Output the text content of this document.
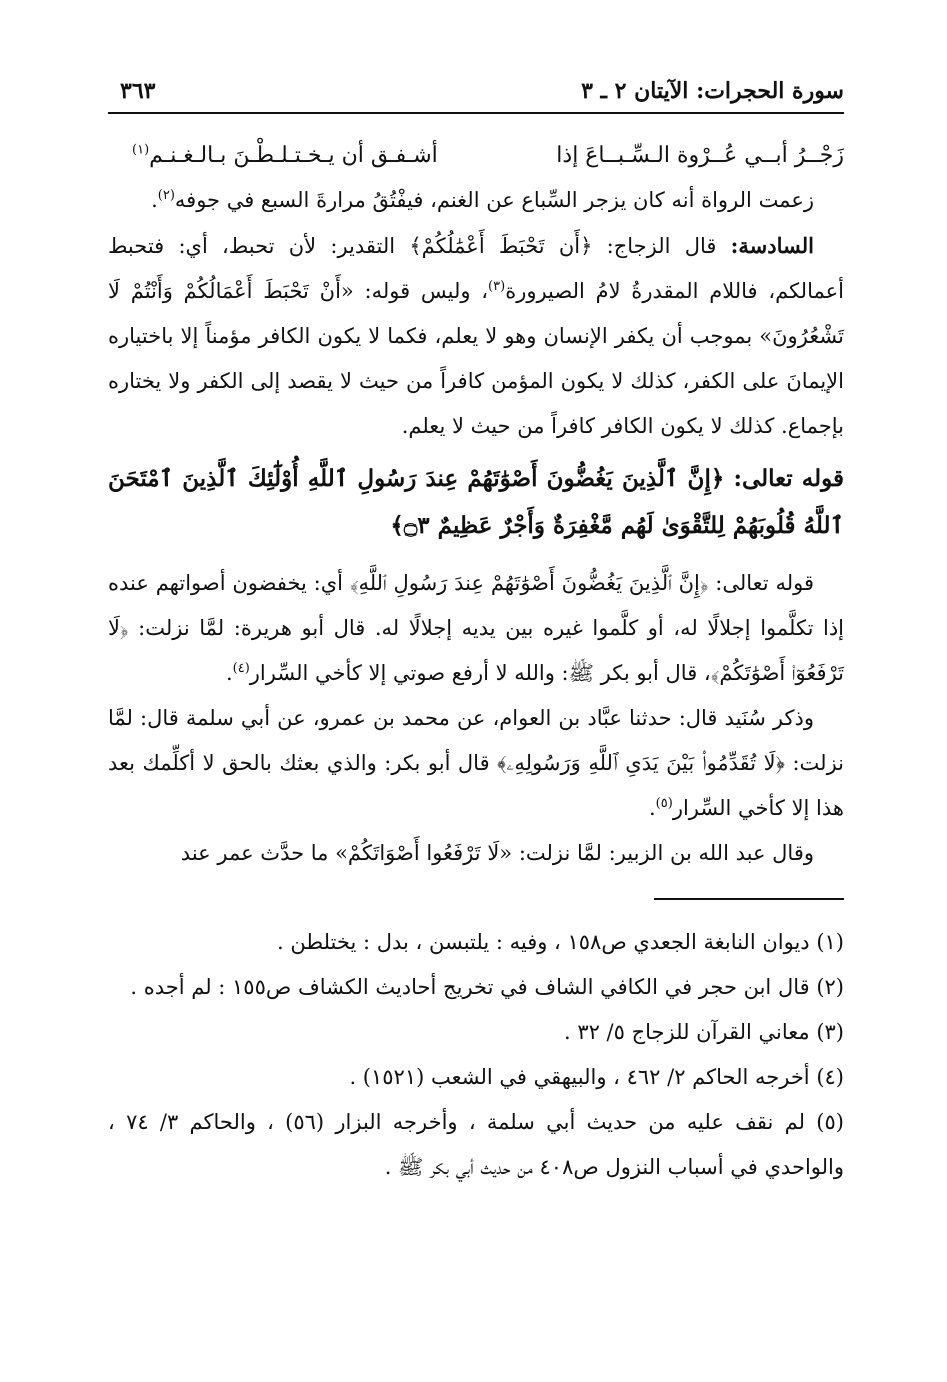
سورة الحجرات: الآيتان ٢ ـ ٣
٣٦٣
زَجْــرُ أبــي عُــرْوة الـسِّـبــاعَ إذا
أشـفـق أن يـخـتـلـطْـنَ بـالـغـنـم$^{(١)}$

زعمت الرواة أنه كان يزجر السِّباع عن الغنم، فيفْتُقُ مرارةَ السبع في جوفه$^{(٢)}$.

السادسة: قال الزجاج: ﴿أَن تَحْبَطَ أَعْمَٰلُكُمْ﴾ التقدير: لأن تحبط، أي: فتحبط أعمالكم، فاللام المقدرةُ لامُ الصيرورة$^{(٣)}$، وليس قوله: «أَنْ تَحْبَطَ أَعْمَالُكُمْ وَأَنْتُمْ لَا تَشْعُرُونَ» بموجب أن يكفر الإنسان وهو لا يعلم، فكما لا يكون الكافر مؤمناً إلا باختياره الإيمانَ على الكفر، كذلك لا يكون المؤمن كافراً من حيث لا يقصد إلى الكفر ولا يختاره بإجماع. كذلك لا يكون الكافر كافراً من حيث لا يعلم.

قوله تعالى: ﴿إِنَّ ٱلَّذِينَ يَغُضُّونَ أَصْوَٰتَهُمْ عِندَ رَسُولِ ٱللَّهِ أُوْلَٰٓئِكَ ٱلَّذِينَ ٱمْتَحَنَ ٱللَّهُ قُلُوبَهُمْ لِلتَّقْوَىٰ لَهُم مَّغْفِرَةٌ وَأَجْرٌ عَظِيمٌ ۝٣﴾

قوله تعالى: ﴿إِنَّ ٱلَّذِينَ يَغُضُّونَ أَصْوَٰتَهُمْ عِندَ رَسُولِ ٱللَّهِ﴾ أي: يخفضون أصواتهم عنده إذا تكلَّموا إجلالًا له، أو كلَّموا غيره بين يديه إجلالًا له. قال أبو هريرة: لمَّا نزلت: ﴿لَا تَرْفَعُوٓا۟ أَصْوَٰتَكُمْ﴾، قال أبو بكر ﷺ: والله لا أرفع صوتي إلا كأخي السِّرار$^{(٤)}$.

وذكر سُنَيد قال: حدثنا عبَّاد بن العوام، عن محمد بن عمرو، عن أبي سلمة قال: لمَّا نزلت: ﴿لَا تُقَدِّمُوا۟ بَيْنَ يَدَىِ ٱللَّهِ وَرَسُولِهِۦ﴾ قال أبو بكر: والذي بعثك بالحق لا أكلِّمك بعد هذا إلا كأخي السِّرار$^{(٥)}$.

وقال عبد الله بن الزبير: لمَّا نزلت: «لَا تَرْفَعُوا أَصْوَاتَكُمْ» ما حدَّث عمر عند

(١) ديوان النابغة الجعدي ص١٥٨ ، وفيه : يلتبسن ، بدل : يختلطن .

(٢) قال ابن حجر في الكافي الشاف في تخريج أحاديث الكشاف ص١٥٥ : لم أجده .

(٣) معاني القرآن للزجاج ٥/ ٣٢ .

(٤) أخرجه الحاكم ٢/ ٤٦٢ ، والبيهقي في الشعب (١٥٢١) .

(٥) لم نقف عليه من حديث أبي سلمة ، وأخرجه البزار (٥٦) ، والحاكم ٣/ ٧٤ ، والواحدي في أسباب النزول ص٤٠٨ من حديث أبي بكر ﷺ .
